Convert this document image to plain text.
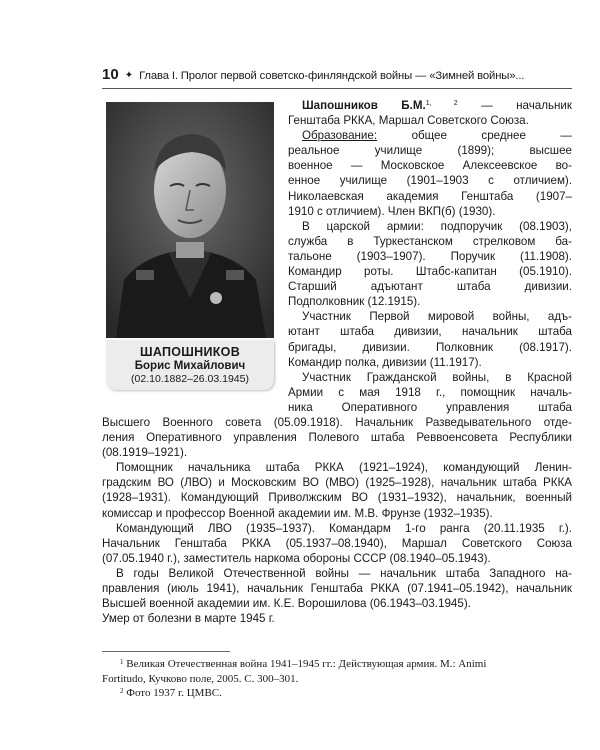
10 ✦ Глава I. Пролог первой советско-финляндской войны — «Зимней войны»...
ШАПОШНИКОВ
Борис Михайлович
(02.10.1882–26.03.1945)
Шапошников Б.М.$^{1, 2}$ — начальник
Генштаба РККА, Маршал Советского Союза.
Образование: общее среднее —
реальное училище (1899); высшее
военное — Московское Алексеевское во-
енное училище (1901–1903 с отличием).
Николаевская академия Генштаба (1907–
1910 с отличием). Член ВКП(б) (1930).
В царской армии: подпоручик (08.1903),
служба в Туркестанском стрелковом ба-
тальоне (1903–1907). Поручик (11.1908).
Командир роты. Штабс-капитан (05.1910).
Старший адъютант штаба дивизии.
Подполковник (12.1915).
Участник Первой мировой войны, адъ-
ютант штаба дивизии, начальник штаба
бригады, дивизии. Полковник (08.1917).
Командир полка, дивизии (11.1917).
Участник Гражданской войны, в Красной
Армии с мая 1918 г., помощник началь-
ника Оперативного управления штаба
Высшего Военного совета (05.09.1918). Начальник Разведывательного отде-
ления Оперативного управления Полевого штаба Реввоенсовета Республики
(08.1919–1921).
Помощник начальника штаба РККА (1921–1924), командующий Ленин-
градским ВО (ЛВО) и Московским ВО (МВО) (1925–1928), начальник штаба РККА
(1928–1931). Командующий Приволжским ВО (1931–1932), начальник, военный
комиссар и профессор Военной академии им. М.В. Фрунзе (1932–1935).
Командующий ЛВО (1935–1937). Командарм 1-го ранга (20.11.1935 г.).
Начальник Генштаба РККА (05.1937–08.1940), Маршал Советского Союза
(07.05.1940 г.), заместитель наркома обороны СССР (08.1940–05.1943).
В годы Великой Отечественной войны — начальник штаба Западного на-
правления (июль 1941), начальник Генштаба РККА (07.1941–05.1942), начальник
Высшей военной академии им. К.Е. Ворошилова (06.1943–03.1945).
Умер от болезни в марте 1945 г.
$^1$ Великая Отечественная война 1941–1945 гг.: Действующая армия. М.: Animi
Fortitudo, Кучково поле, 2005. С. 300–301.
$^2$ Фото 1937 г. ЦМВС.
